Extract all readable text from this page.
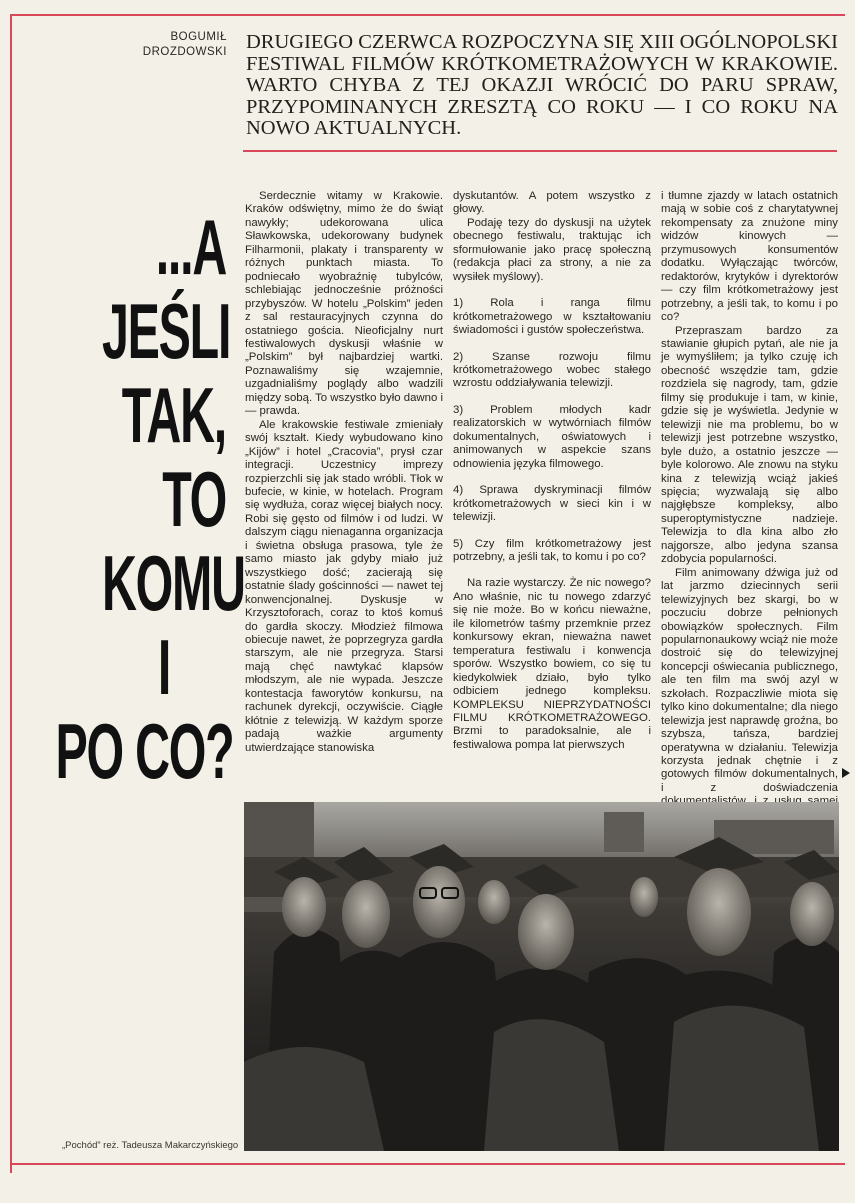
BOGUMIŁ
DROZDOWSKI DRUGIEGO CZERWCA ROZPOCZYNA SIĘ XIII OGÓLNOPOLSKI FESTIWAL FILMÓW KRÓTKOMETRAŻOWYCH W KRAKOWIE. WARTO CHYBA Z TEJ OKAZJI WRÓCIĆ DO PARU SPRAW, PRZYPOMINANYCH ZRESZTĄ CO ROKU — I CO ROKU NA NOWO AKTUALNYCH.
...A
JEŚLI
TAK,
TO
KOMU
I
PO CO?

Serdecznie witamy w Krakowie. Kraków odświętny, mimo że do świąt nawykły; udekorowana ulica Sławkowska, udekorowany budynek Filharmonii, plakaty i transparenty w różnych punktach miasta. To podniecało wyobraźnię tubylców, schlebiając jednocześnie próżności przybyszów. W hotelu „Polskim” jeden z sal restauracyjnych czynna do ostatniego gościa. Nieoficjalny nurt festiwalowych dyskusji właśnie w „Polskim” był najbardziej wartki. Poznawaliśmy się wzajemnie, uzgadnialiśmy poglądy albo wadzili między sobą. To wszystko było dawno i — prawda.

Ale krakowskie festiwale zmieniały swój kształt. Kiedy wybudowano kino „Kijów” i hotel „Cracovia”, prysł czar integracji. Uczestnicy imprezy rozpierzchli się jak stado wróbli. Tłok w bufecie, w kinie, w hotelach. Program się wydłuża, coraz więcej białych nocy. Robi się gęsto od filmów i od ludzi. W dalszym ciągu nienaganna organizacja i świetna obsługa prasowa, tyle że samo miasto jak gdyby miało już wszystkiego dość; zacierają się ostatnie ślady gościnności — nawet tej konwencjonalnej. Dyskusje w Krzysztoforach, coraz to ktoś komuś do gardła skoczy. Młodzież filmowa obiecuje nawet, że poprzegryza gardła starszym, ale nie przegryza. Starsi mają chęć nawtykać klapsów młodszym, ale nie wypada. Jeszcze kontestacja faworytów konkursu, na rachunek dyrekcji, oczywiście. Ciągłe kłótnie z telewizją. W każdym sporze padają ważkie argumenty utwierdzające stanowiska

dyskutantów. A potem wszystko z głowy.

Podaję tezy do dyskusji na użytek obecnego festiwalu, traktując ich sformułowanie jako pracę społeczną (redakcja płaci za strony, a nie za wysiłek myślowy).

1) Rola i ranga filmu krótkometrażowego w kształtowaniu świadomości i gustów społeczeństwa.

2) Szanse rozwoju filmu krótkometrażowego wobec stałego wzrostu oddziaływania telewizji.

3) Problem młodych kadr realizatorskich w wytwórniach filmów dokumentalnych, oświatowych i animowanych w aspekcie szans odnowienia języka filmowego.

4) Sprawa dyskryminacji filmów krótkometrażowych w sieci kin i w telewizji.

5) Czy film krótkometrażowy jest potrzebny, a jeśli tak, to komu i po co?

Na razie wystarczy. Że nic nowego? Ano właśnie, nic tu nowego zdarzyć się nie może. Bo w końcu nieważne, ile kilometrów taśmy przemknie przez konkursowy ekran, nieważna nawet temperatura festiwalu i konwencja sporów. Wszystko bowiem, co się tu kiedykolwiek działo, było tylko odbiciem jednego kompleksu. KOMPLEKSU NIEPRZYDATNOŚCI FILMU KRÓTKOMETRAŻOWEGO. Brzmi to paradoksalnie, ale i festiwalowa pompa lat pierwszych

i tłumne zjazdy w latach ostatnich mają w sobie coś z charytatywnej rekompensaty za znużone miny widzów kinowych — przymusowych konsumentów dodatku. Wyłączając twórców, redaktorów, krytyków i dyrektorów — czy film krótkometrażowy jest potrzebny, a jeśli tak, to komu i po co?

Przepraszam bardzo za stawianie głupich pytań, ale nie ja je wymyśliłem; ja tylko czuję ich obecność wszędzie tam, gdzie rozdziela się nagrody, tam, gdzie filmy się produkuje i tam, w kinie, gdzie się je wyświetla. Jedynie w telewizji nie ma problemu, bo w telewizji jest potrzebne wszystko, byle dużo, a ostatnio jeszcze — byle kolorowo. Ale znowu na styku kina z telewizją wciąż jakieś spięcia; wyzwalają się albo najgłębsze kompleksy, albo superoptymistyczne nadzieje. Telewizja to dla kina albo zło najgorsze, albo jedyna szansa zdobycia popularności.

Film animowany dźwiga już od lat jarzmo dziecinnych serii telewizyjnych bez skargi, bo w poczuciu dobrze pełnionych obowiązków społecznych. Film popularnonaukowy wciąż nie może dostroić się do telewizyjnej koncepcji oświecania publicznego, ale ten film ma swój azyl w szkołach. Rozpaczliwie miota się tylko kino dokumentalne; dla niego telewizja jest naprawdę groźna, bo szybsza, tańsza, bardziej operatywna w działaniu. Telewizja korzysta jednak chętnie i z gotowych filmów dokumentalnych, i z doświadczenia

„Pochód” reż. Tadeusza Makarczyńskiego
